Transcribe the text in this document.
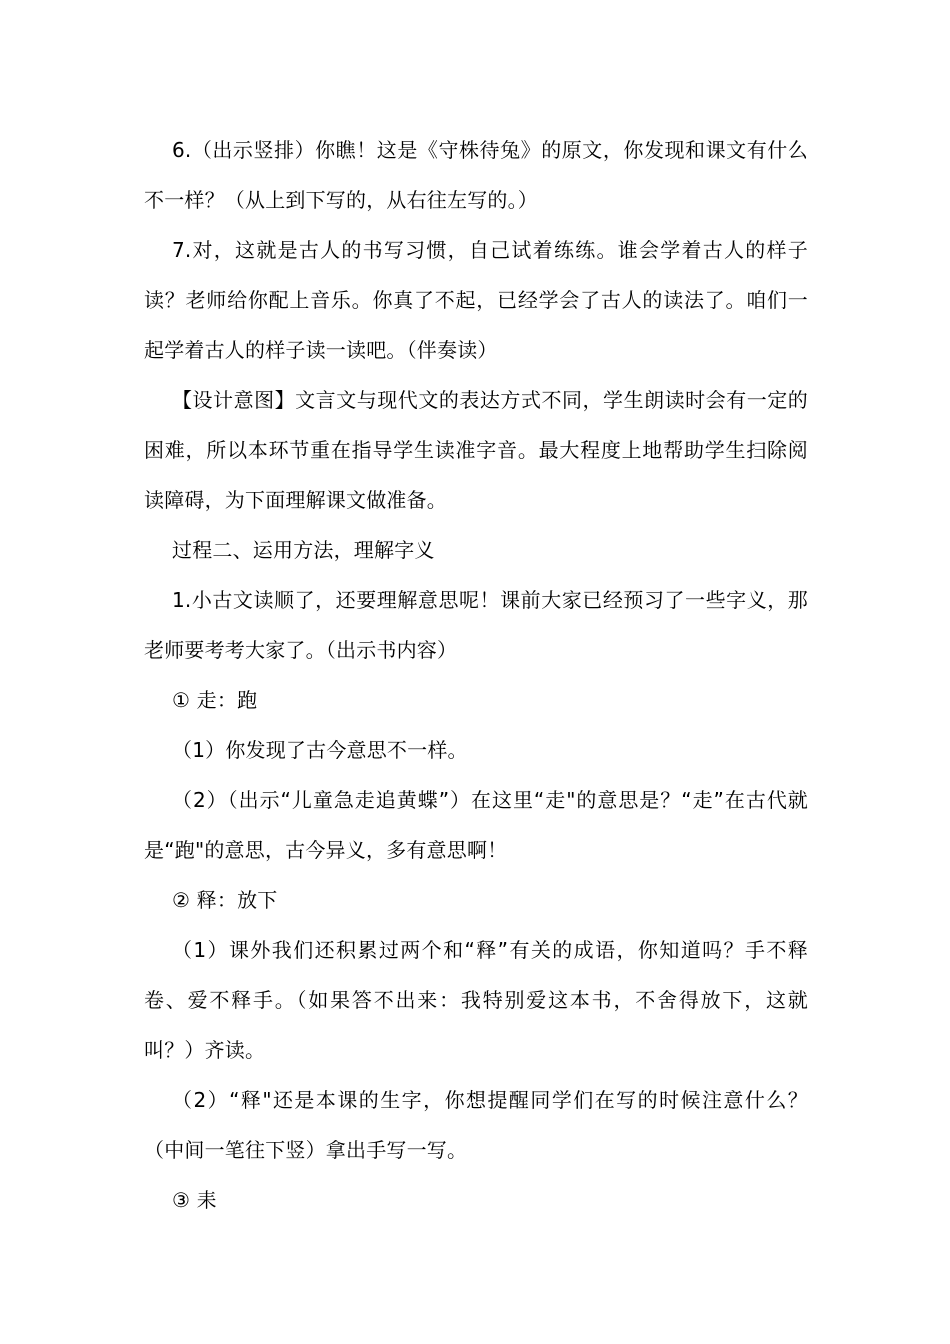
6.（出示竖排）你瞧！这是《守株待兔》的原文，你发现和课文有什么不一样？（从上到下写的，从右往左写的。）

7.对，这就是古人的书写习惯，自己试着练练。谁会学着古人的样子读？老师给你配上音乐。你真了不起，已经学会了古人的读法了。咱们一起学着古人的样子读一读吧。（伴奏读）

【设计意图】文言文与现代文的表达方式不同，学生朗读时会有一定的困难，所以本环节重在指导学生读准字音。最大程度上地帮助学生扫除阅读障碍，为下面理解课文做准备。

过程二、运用方法，理解字义

1.小古文读顺了，还要理解意思呢！课前大家已经预习了一些字义，那老师要考考大家了。（出示书内容）

① 走：跑

（1）你发现了古今意思不一样。

（2）（出示“儿童急走追黄蝶”）在这里“走"的意思是？“走”在古代就是“跑"的意思，古今异义，多有意思啊！

② 释：放下

（1）课外我们还积累过两个和“释”有关的成语，你知道吗？手不释卷、爱不释手。（如果答不出来：我特别爱这本书，不舍得放下，这就叫？）齐读。

（2）“释"还是本课的生字，你想提醒同学们在写的时候注意什么？（中间一笔往下竖）拿出手写一写。

③ 耒
